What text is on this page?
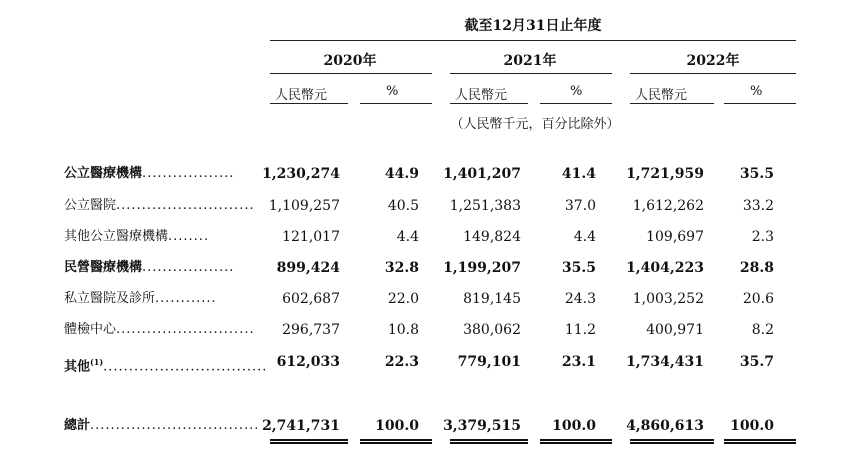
截至12月31日止年度
2020年	2021年	2022年
人民幣元	%	人民幣元	%	人民幣元	%
（人民幣千元，百分比除外）
公立醫療機構..................	1,230,274	44.9 1,401,207	41.4 1,721,959	35.5
公立醫院...........................	1,109,257	40.5	1,251,383	37.0	1,612,262	33.2
其他公立醫療機構........	121,017	4.4	149,824	4.4	109,697	2.3
民營醫療機構..................	899,424	32.8 1,199,207	35.5 1,404,223	28.8
私立醫院及診所............	602,687	22.0	819,145	24.3	1,003,252	20.6
體檢中心...........................	296,737	10.8	380,062	11.2	400,971	8.2
其他$^{(1)}$................................ 612,033	22.3	779,101	23.1 1,734,431	35.7
總計................................. 2,741,731	100.0 3,379,515	100.0 4,860,613	100.0
